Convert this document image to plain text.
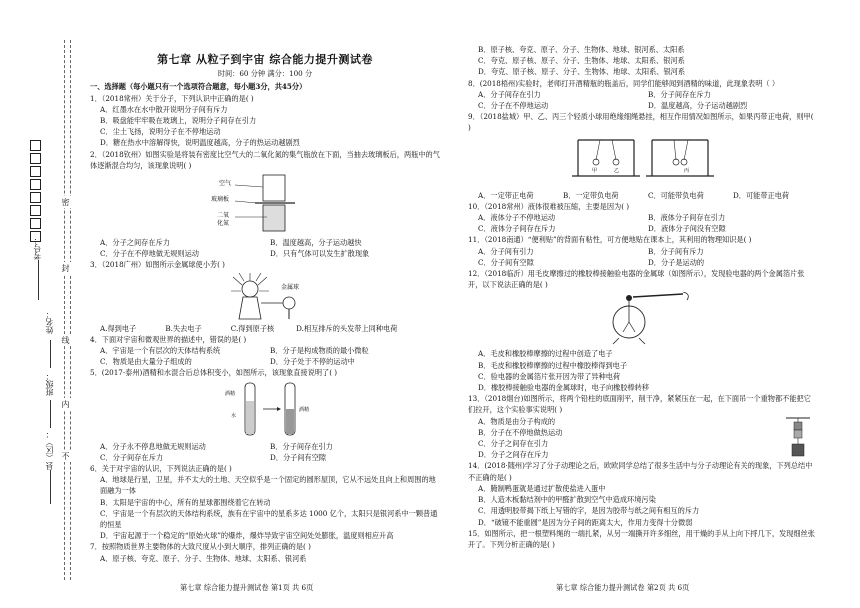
考号：
姓名：
班级：
县（区）：
密
封
线
内
不
第七章 从粒子到宇宙 综合能力提升测试卷
时间：60 分钟 满分：100 分
一、选择题（每小题只有一个选项符合题意，每小题3分，共45分）

1．（2018常州）关于分子，下列认识中正确的是( )

A．红墨水在水中散开说明分子间有斥力

B．吸盘能牢牢吸在玻璃上，说明分子间存在引力

C．尘土飞扬，说明分子在不停地运动

D．糖在热水中溶解得快，说明温度越高，分子的热运动越剧烈

2．（2018钦州）如图实验是将装有密度比空气大的二氧化氮的集气瓶放在下面，当抽去玻璃板后，两瓶中的气体逐渐混合均匀，该现象说明( )

空气
玻璃板
二氧
化氮
A．分子之间存在斥力	B．温度越高，分子运动越快
C．分子在不停地做无规则运动	D．只有气体可以发生扩散现象

3．（2018广州）如图所示金属球使小芳( )

金属球
A.得到电子	B.失去电子	C.得到原子核	D.相互排斥的头发带上同种电荷

4．下面对宇宙和微观世界的描述中，错误的是( )

A．宇宙是一个有层次的天体结构系统	B．分子是构成物质的最小微粒
C．物质是由大量分子组成的	D．分子处于不停的运动中

5．(2017·泰州)酒精和水混合后总体积变小，如图所示，该现象直接说明了( )

酒精
水
酒精
A．分子永不停息地做无规则运动	B．分子间存在引力
C．分子间存在斥力	D．分子间有空隙

6．关于对宇宙的认识，下列说法正确的是( )

A．地球是行星，卫星，并不太大的土地、天空似乎是一个固定的圆形屋顶，它从不远处且向上和周围的地面融为一体

B．太阳是宇宙的中心，所有的星球都围绕着它在转动

C．宇宙是一个有层次的天体结构系统，族有在宇宙中的星系多达 1000 亿个，太阳只是银河系中一颗普通的恒星

D．宇宙起源于一个稳定的“原始火球”的爆炸，爆炸导致宇宙空间处处膨胀，温度则相应升高

7．按照物质世界主要物体的大致尺度从小到大顺序，排列正确的是( )

A．原子核、夸克、原子、分子、生物体、地球、太阳系、银河系

B．原子核、夸克、原子、分子、生物体、地球、银河系、太阳系

C．夸克、原子核、原子、分子、生物体、地球、太阳系、银河系

D．夸克、原子核、原子、分子、生物体、地球、太阳系、银河系

8．(2018梧州)实验时，老师打开酒精瓶的瓶盖后，同学们能够闻到酒精的味道，此现象表明（ ）

A．分子间存在引力	B．分子间存在斥力
C．分子在不停地运动	D．温度越高，分子运动越剧烈

9．（2018盐城）甲、乙、丙三个轻质小球用绝缘细绳悬挂，相互作用情况如图所示，如果丙带正电荷，则甲( )

甲	乙	丙
A．一定带正电荷	B．一定带负电荷	C．可能带负电荷	D．可能带正电荷

10．（2018常州）液体很难被压缩，主要是因为( )

A．液体分子不停地运动	B．液体分子间存在引力
C．液体分子间存在斥力	D．液体分子间没有空隙

11．（2018南通）“便利贴”的背面有粘性，可方便地贴在课本上，其利用的物理知识是( )

A．分子间有引力	B．分子间有斥力
C．分子间有空隙	D．分子是运动的

12．（2018临沂）用毛皮摩擦过的橡胶棒接触验电器的金属球（如图所示），发现验电器的两个金属箔片张开，以下说法正确的是( )

A．毛皮和橡胶棒摩擦的过程中创造了电子

B．毛皮和橡胶棒摩擦的过程中橡胶棒得到电子

C．验电器的金属箔片张开因为带了异种电荷

D．橡胶棒接触验电器的金属球时，电子向橡胶棒转移

13．（2018烟台)如图所示，将两个铅柱的底面削平，削干净，紧紧压在一起，在下面吊一个重物都不能把它们拉开，这个实验事实说明( )

A．物质是由分子构成的

B．分子在不停地做热运动

C．分子之间存在引力

D．分子之间存在斥力

14．(2018·随州)学习了分子动理论之后，欧欧同学总结了很多生活中与分子动理论有关的现象，下列总结中不正确的是( )

A．腌制鸭蛋就是通过扩散使盐进入蛋中

B．人造木板黏结剂中的甲醛扩散到空气中造成环境污染

C．用透明胶带揭下纸上写错的字，是因为胶带与纸之间有相互的斥力

D．“破镜不能重圆”是因为分子间的距离太大，作用力变得十分微弱

15．如图所示，把一根塑料绳的一端扎紧，从另一端撕开许多细丝，用干燥的手从上向下捋几下，发现细丝张开了。下列分析正确的是( )

第七章 综合能力提升测试卷 第1页 共 6页	第七章 综合能力提升测试卷 第2页 共 6页
